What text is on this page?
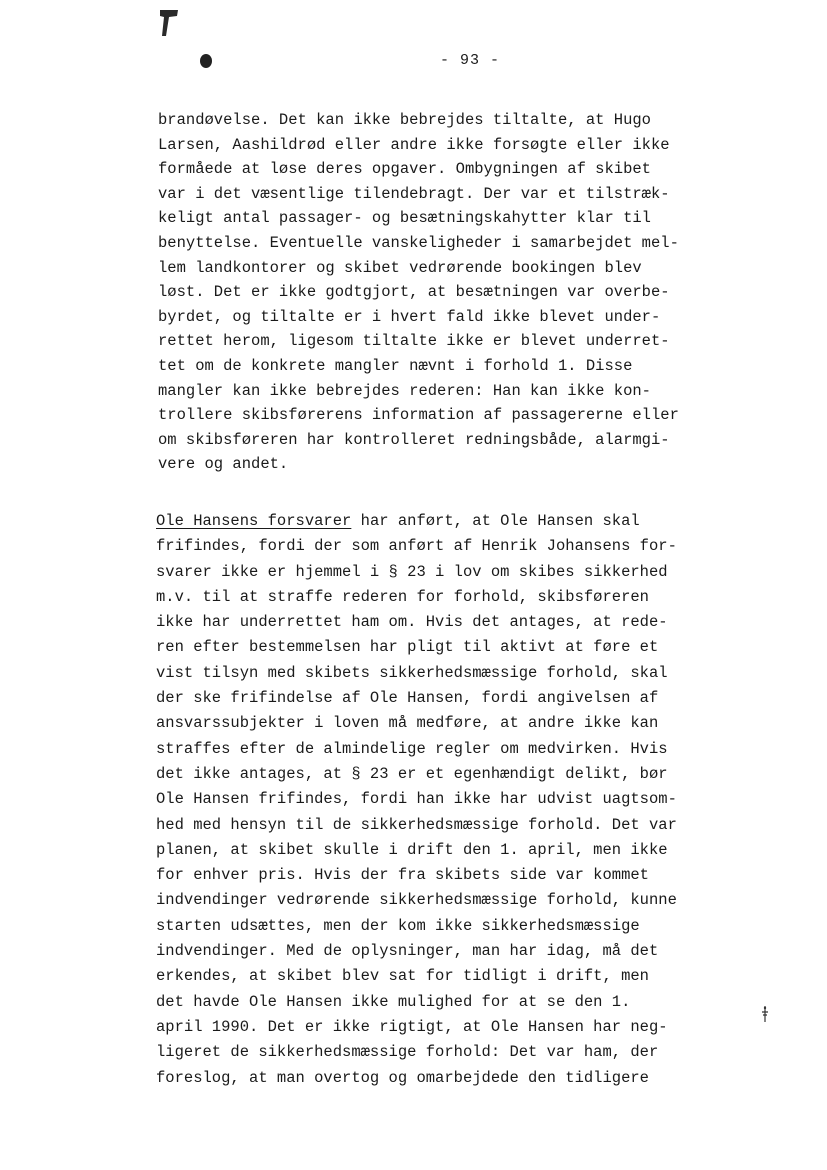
- 93 -
brandøvelse. Det kan ikke bebrejdes tiltalte, at Hugo
Larsen, Aashildrød eller andre ikke forsøgte eller ikke
formåede at løse deres opgaver. Ombygningen af skibet
var i det væsentlige tilendebragt. Der var et tilstræk-
keligt antal passager- og besætningskahytter klar til
benyttelse. Eventuelle vanskeligheder i samarbejdet mel-
lem landkontorer og skibet vedrørende bookingen blev
løst. Det er ikke godtgjort, at besætningen var overbe-
byrdet, og tiltalte er i hvert fald ikke blevet under-
rettet herom, ligesom tiltalte ikke er blevet underret-
tet om de konkrete mangler nævnt i forhold 1. Disse
mangler kan ikke bebrejdes rederen: Han kan ikke kon-
trollere skibsførerens information af passagererne eller
om skibsføreren har kontrolleret redningsbåde, alarmgi-
vere og andet.
Ole Hansens forsvarer har anført, at Ole Hansen skal
frifindes, fordi der som anført af Henrik Johansens for-
svarer ikke er hjemmel i § 23 i lov om skibes sikkerhed
m.v. til at straffe rederen for forhold, skibsføreren
ikke har underrettet ham om. Hvis det antages, at rede-
ren efter bestemmelsen har pligt til aktivt at føre et
vist tilsyn med skibets sikkerhedsmæssige forhold, skal
der ske frifindelse af Ole Hansen, fordi angivelsen af
ansvarssubjekter i loven må medføre, at andre ikke kan
straffes efter de almindelige regler om medvirken. Hvis
det ikke antages, at § 23 er et egenhændigt delikt, bør
Ole Hansen frifindes, fordi han ikke har udvist uagtsom-
hed med hensyn til de sikkerhedsmæssige forhold. Det var
planen, at skibet skulle i drift den 1. april, men ikke
for enhver pris. Hvis der fra skibets side var kommet
indvendinger vedrørende sikkerhedsmæssige forhold, kunne
starten udsættes, men der kom ikke sikkerhedsmæssige
indvendinger. Med de oplysninger, man har idag, må det
erkendes, at skibet blev sat for tidligt i drift, men
det havde Ole Hansen ikke mulighed for at se den 1.
april 1990. Det er ikke rigtigt, at Ole Hansen har neg-
ligeret de sikkerhedsmæssige forhold: Det var ham, der
foreslog, at man overtog og omarbejdede den tidligere
